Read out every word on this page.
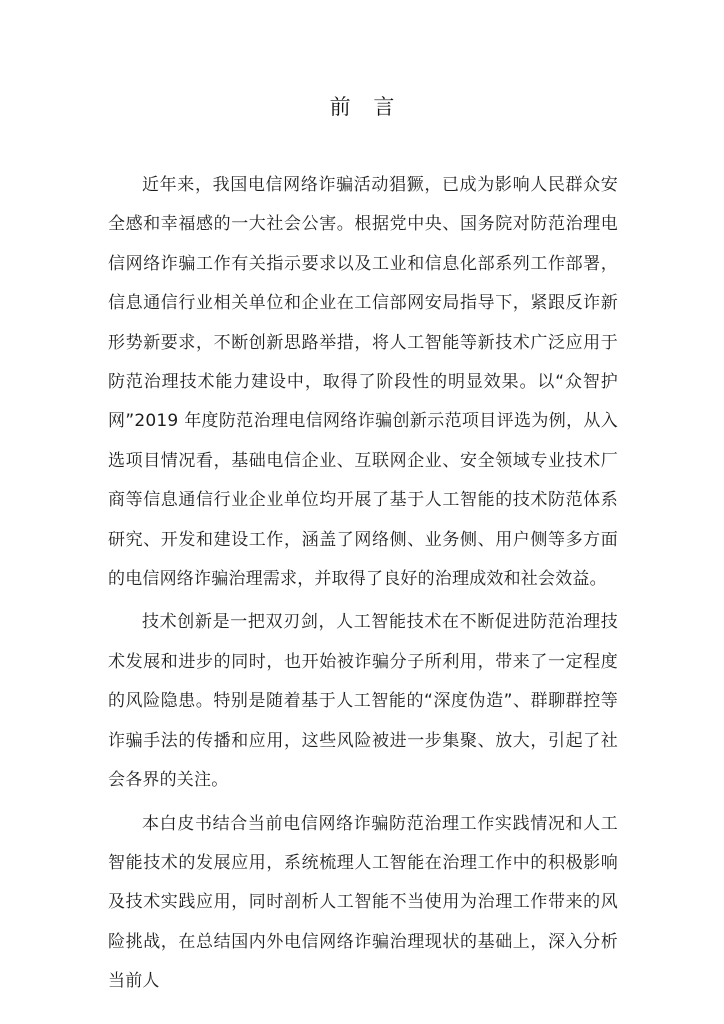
前 言

近年来，我国电信网络诈骗活动猖獗，已成为影响人民群众安全感和幸福感的一大社会公害。根据党中央、国务院对防范治理电信网络诈骗工作有关指示要求以及工业和信息化部系列工作部署，信息通信行业相关单位和企业在工信部网安局指导下，紧跟反诈新形势新要求，不断创新思路举措，将人工智能等新技术广泛应用于防范治理技术能力建设中，取得了阶段性的明显效果。以“众智护网”2019 年度防范治理电信网络诈骗创新示范项目评选为例，从入选项目情况看，基础电信企业、互联网企业、安全领域专业技术厂商等信息通信行业企业单位均开展了基于人工智能的技术防范体系研究、开发和建设工作，涵盖了网络侧、业务侧、用户侧等多方面的电信网络诈骗治理需求，并取得了良好的治理成效和社会效益。

技术创新是一把双刃剑，人工智能技术在不断促进防范治理技术发展和进步的同时，也开始被诈骗分子所利用，带来了一定程度的风险隐患。特别是随着基于人工智能的“深度伪造”、群聊群控等诈骗手法的传播和应用，这些风险被进一步集聚、放大，引起了社会各界的关注。

本白皮书结合当前电信网络诈骗防范治理工作实践情况和人工智能技术的发展应用，系统梳理人工智能在治理工作中的积极影响及技术实践应用，同时剖析人工智能不当使用为治理工作带来的风险挑战，在总结国内外电信网络诈骗治理现状的基础上，深入分析当前人
